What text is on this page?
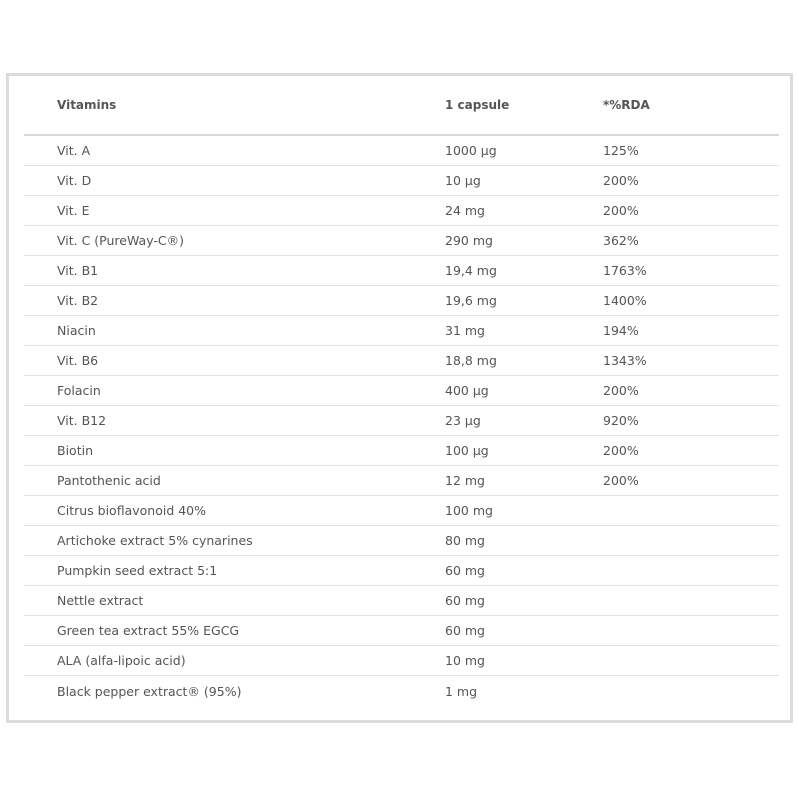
Vitamins	1 capsule	*%RDA
Vit. A	1000 µg	125%
Vit. D	10 µg	200%
Vit. E	24 mg	200%
Vit. C (PureWay-C®)	290 mg	362%
Vit. B1	19,4 mg	1763%
Vit. B2	19,6 mg	1400%
Niacin	31 mg	194%
Vit. B6	18,8 mg	1343%
Folacin	400 µg	200%
Vit. B12	23 µg	920%
Biotin	100 µg	200%
Pantothenic acid	12 mg	200%
Citrus bioflavonoid 40%	100 mg
Artichoke extract 5% cynarines	80 mg
Pumpkin seed extract 5:1	60 mg
Nettle extract	60 mg
Green tea extract 55% EGCG	60 mg
ALA (alfa-lipoic acid)	10 mg
Black pepper extract® (95%)	1 mg
